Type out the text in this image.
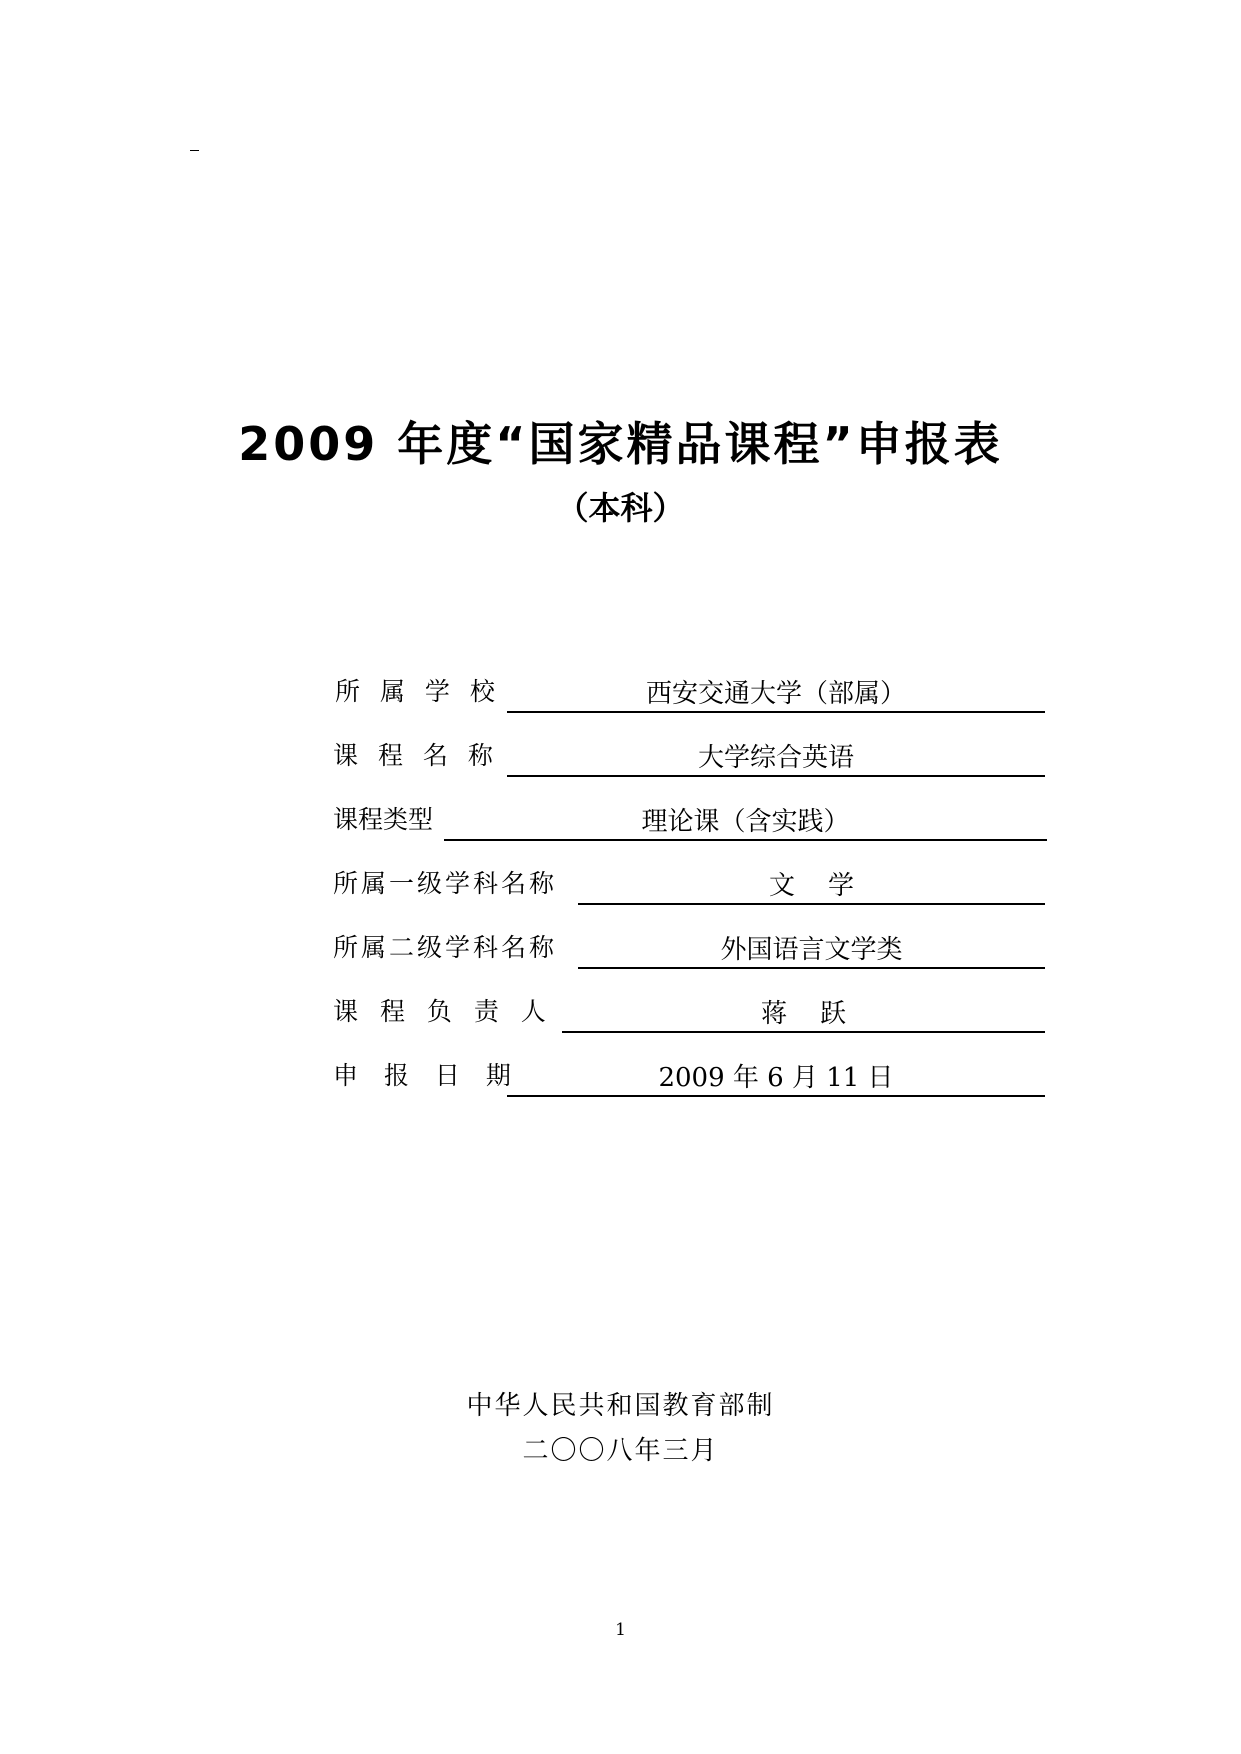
2009 年度“国家精品课程”申报表
（本科）
所 属 学 校	西安交通大学（部属）
课 程 名 称	大学综合英语
课程类型	理论课（含实践）
所属一级学科名称	文    学
所属二级学科名称	外国语言文学类
课 程 负 责 人	蒋    跃
申 报 日 期	2009 年 6 月 11 日
中华人民共和国教育部制
二〇〇八年三月
1
